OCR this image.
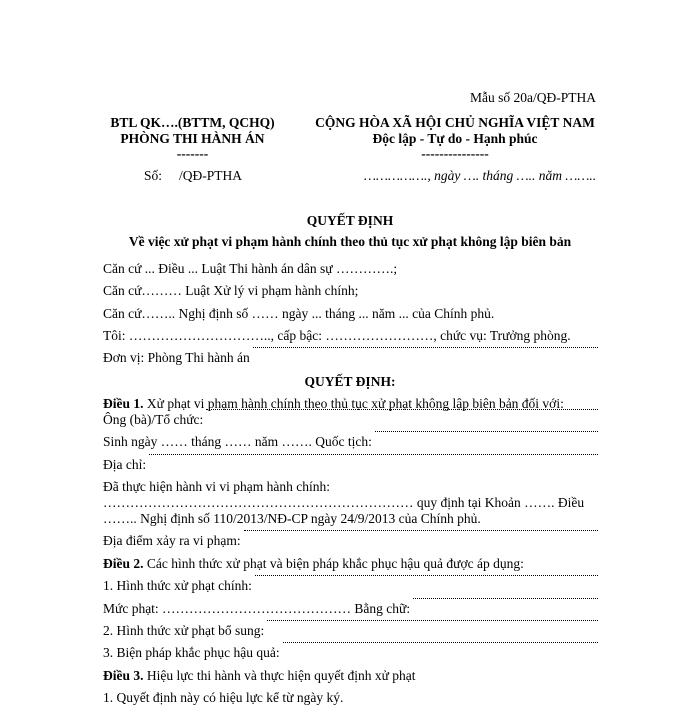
Mẫu số 20a/QĐ-PTHA
BTL QK….(BTTM, QCHQ)
PHÒNG THI HÀNH ÁN
-------
CỘNG HÒA XÃ HỘI CHỦ NGHĨA VIỆT NAM
Độc lập - Tự do - Hạnh phúc
---------------
Số: /QĐ-PTHA	……………., ngày …. tháng ….. năm ……..
QUYẾT ĐỊNH
Về việc xử phạt vi phạm hành chính theo thủ tục xử phạt không lập biên bản
Căn cứ ... Điều ... Luật Thi hành án dân sự ………….;
Căn cứ……… Luật Xử lý vi phạm hành chính;
Căn cứ…….. Nghị định số …… ngày ... tháng ... năm ... của Chính phủ.
Tôi: ………………………….., cấp bậc: ……………………, chức vụ: Trưởng phòng.
Đơn vị: Phòng Thi hành án
QUYẾT ĐỊNH:
Điều 1. Xử phạt vi phạm hành chính theo thủ tục xử phạt không lập biên bản đối với:
Ông (bà)/Tổ chức:
Sinh ngày …… tháng …… năm ……. Quốc tịch:
Địa chỉ:
Đã thực hiện hành vi vi phạm hành chính:
…………………………………………………………… quy định tại Khoản ……. Điều
…….. Nghị định số 110/2013/NĐ-CP ngày 24/9/2013 của Chính phủ.
Địa điểm xảy ra vi phạm:
Điều 2. Các hình thức xử phạt và biện pháp khắc phục hậu quả được áp dụng:
1. Hình thức xử phạt chính:
Mức phạt: …………………………………… Bằng chữ:
2. Hình thức xử phạt bổ sung:
3. Biện pháp khắc phục hậu quả:
Điều 3. Hiệu lực thi hành và thực hiện quyết định xử phạt
1. Quyết định này có hiệu lực kể từ ngày ký.
